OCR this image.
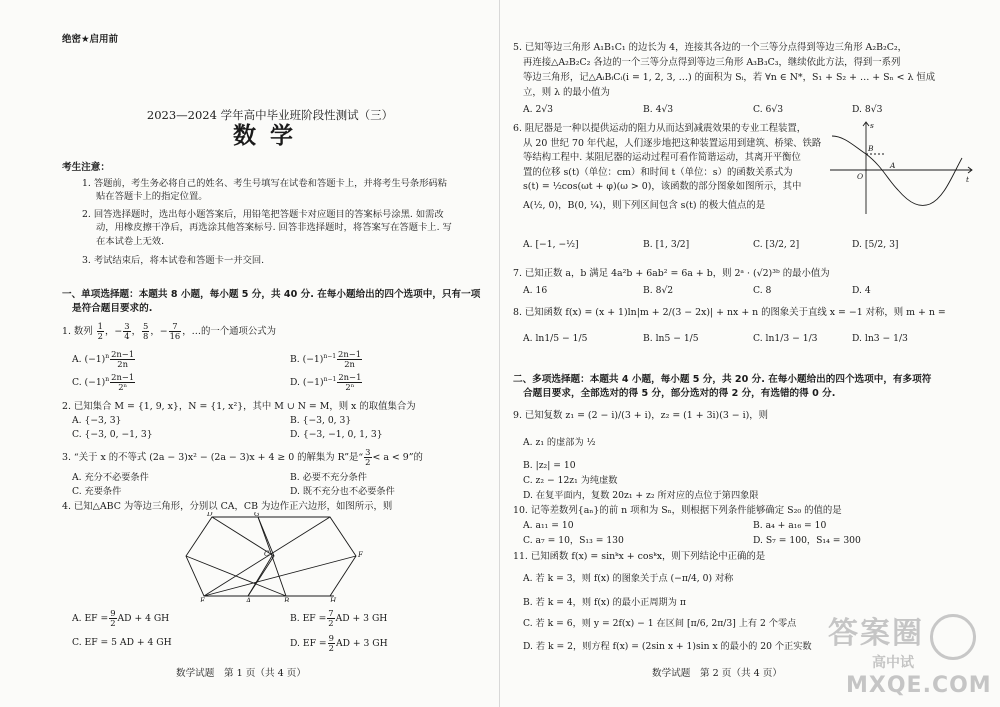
绝密★启用前
2023—2024 学年高中毕业班阶段性测试（三）
数学
考生注意：
1. 答题前，考生务必将自己的姓名、考生号填写在试卷和答题卡上，并将考生号条形码粘
贴在答题卡上的指定位置。
2. 回答选择题时，选出每小题答案后，用铅笔把答题卡对应题目的答案标号涂黑. 如需改
动，用橡皮擦干净后，再选涂其他答案标号. 回答非选择题时，将答案写在答题卡上. 写
在本试卷上无效.
3. 考试结束后，将本试卷和答题卡一并交回.
一、单项选择题：本题共 8 小题，每小题 5 分，共 40 分. 在每小题给出的四个选项中，只有一项
是符合题目要求的.
1. 数列 $\frac{1}{2}$ ，− $\frac{3}{4}$ ， $\frac{5}{8}$ ，− $\frac{7}{16}$ ，…的一个通项公式为
A. $(-1)^n \frac{2n-1}{2n}$	B. $(-1)^{n-1} \frac{2n-1}{2n}$
C. $(-1)^n \frac{2n-1}{\text{2ⁿ}}$	D. $(-1)^{n-1} \frac{2n-1}{\text{2ⁿ}}$
2. 已知集合 M = {1, 9, x}，N = {1, x²}，其中 M ∪ N = M，则 x 的取值集合为
A. {−3, 3}	B. {−3, 0, 3}
C. {−3, 0, −1, 3}	D. {−3, −1, 0, 1, 3}
3. “关于 x 的不等式 (2a − 3)x² − (2a − 3)x + 4 ≥ 0 的解集为 R”是“ $\frac{3}{2} < a < 9$”的
A. 充分不必要条件	B. 必要不充分条件
C. 充要条件	D. 既不充分也不必要条件
4. 已知△ABC 为等边三角形，分别以 CA，CB 为边作正六边形，如图所示，则
D	G
C
E	A	B	H
F
A. EF = $\frac{9}{2}$ AD + 4 GH	B. EF = $\frac{7}{2}$ AD + 3 GH
C. EF = 5 AD + 4 GH	D. EF = $\frac{9}{2}$ AD + 3 GH
数学试题　第 1 页（共 4 页）
5. 已知等边三角形 A₁B₁C₁ 的边长为 4，连接其各边的一个三等分点得到等边三角形 A₂B₂C₂，
再连接△A₂B₂C₂ 各边的一个三等分点得到等边三角形 A₃B₃C₃，继续依此方法，得到一系列
等边三角形，记△AᵢBᵢCᵢ(i = 1, 2, 3, …) 的面积为 Sᵢ，若 ∀n ∈ N*，S₁ + S₂ + … + Sₙ < λ 恒成
立，则 λ 的最小值为
A. 2√3	B. 4√3	C. 6√3	D. 8√3
6. 阻尼器是一种以提供运动的阻力从而达到减震效果的专业工程装置，
从 20 世纪 70 年代起，人们逐步地把这种装置运用到建筑、桥梁、铁路
等结构工程中. 某阻尼器的运动过程可看作简谐运动，其离开平衡位
置的位移 s(t)（单位：cm）和时间 t（单位：s）的函数关系式为
s(t) = ½cos(ωt + φ)(ω > 0)，该函数的部分图象如图所示，其中
A(½, 0)，B(0, ¼)，则下列区间包含 s(t) 的极大值点的是
s
B
O
A
t
A. [−1, −½]	B. [1, 3/2]	C. [3/2, 2]	D. [5/2, 3]
7. 已知正数 a，b 满足 4a²b + 6ab² = 6a + b，则 2ᵃ · (√2)³ᵇ 的最小值为
A. 16	B. 8√2	C. 8	D. 4
8. 已知函数 f(x) = (x + 1)ln|m + 2/(3 − 2x)| + nx + n 的图象关于直线 x = −1 对称，则 m + n =
A. ln1/5 − 1/5	B. ln5 − 1/5	C. ln1/3 − 1/3	D. ln3 − 1/3
二、多项选择题：本题共 4 小题，每小题 5 分，共 20 分. 在每小题给出的四个选项中，有多项符
合题目要求，全部选对的得 5 分，部分选对的得 2 分，有选错的得 0 分.
9. 已知复数 z₁ = (2 − i)/(3 + i)，z₂ = (1 + 3i)(3 − i)，则
A. z₁ 的虚部为 ½
B. |z₂| = 10
C. z₂ − 12z₁ 为纯虚数
D. 在复平面内，复数 20z₁ + z₂ 所对应的点位于第四象限
10. 记等差数列{aₙ}的前 n 项和为 Sₙ，则根据下列条件能够确定 S₂₀ 的值的是
A. a₁₁ = 10	B. a₄ + a₁₆ = 10
C. a₇ = 10，S₁₃ = 130	D. S₇ = 100，S₁₄ = 300
11. 已知函数 f(x) = sinᵏx + cosᵏx，则下列结论中正确的是
A. 若 k = 3，则 f(x) 的图象关于点 (−π/4, 0) 对称
B. 若 k = 4，则 f(x) 的最小正周期为 π
C. 若 k = 6，则 y = 2f(x) − 1 在区间 [π/6, 2π/3] 上有 2 个零点
D. 若 k = 2，则方程 f(x) = (2sin x + 1)sin x 的最小的 20 个正实数
数学试题　第 2 页（共 4 页）
答案圈
高中试
MXQE.COM
